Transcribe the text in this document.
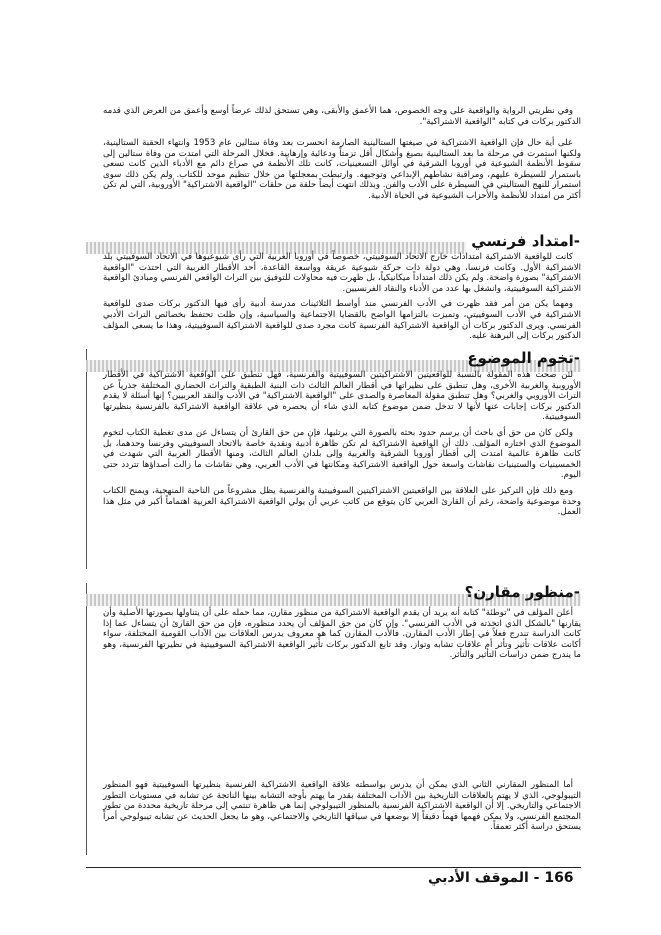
وفي نظريتي الرواية والواقعية على وجه الخصوص، هما الأعمق والأبقى، وهي تستحق لذلك عرضاً أوسع وأعمق من العرض الذي قدمه الدكتور بركات في كتابه "الواقعية الاشتراكية".

على أية حال فإن الواقعية الاشتراكية في صيغتها الستالينية الصارمة انحسرت بعد وفاة ستالين عام 1953 وانتهاء الحقبة الستالينية، ولكنها استمرت في مرحلة ما بعد الستالينية بصيغ وأشكال أقل تزمتاً ودعائية وإرهابية. فخلال المرحلة التي امتدت من وفاة ستالين إلى سقوط الأنظمة الشيوعية في أوروبا الشرقية في أوائل التسعينيات، كانت تلك الأنظمة في صراع دائم مع الأدباء الذين كانت تسعى باستمرار للسيطرة عليهم، ومراقبة نشاطهم الإبداعي وتوجيهه. وارتبطت بمعجلتها من خلال تنظيم موحد للكتاب. ولم يكن ذلك سوى استمرار للنهج الستاليني في السيطرة على الأدب والفن. وبذلك انتهت أيضاً حلقة من حلقات "الواقعية الاشتراكية" الأوروبية، التي لم تكن أكثر من امتداد للأنظمة والأحزاب الشيوعية في الحياة الأدبية.

-امتداد فرنسي

كانت للواقعية الاشتراكية امتدادات خارج الاتحاد السوفييتي، خصوصاً في أوروبا الغربية التي رأى شيوعيوها في الاتحاد السوفييتي بلد الاشتراكية الأول. وكانت فرنسا، وهي دولة ذات حركة شيوعية عريقة وواسعة القاعدة، أحد الأقطار الغربية التي احتذت "الواقعية الاشتراكية" بصورة واضحة. ولم يكن ذلك امتداداً ميكانيكياً، بل ظهرت فيه محاولات للتوفيق بين التراث الواقعي الفرنسي ومبادئ الواقعية الاشتراكية السوفييتية، وانشغل بها عدد من الأدباء والنقاد الفرنسيين.

ومهما يكن من أمر فقد ظهرت في الأدب الفرنسي منذ أواسط الثلاثينات مدرسة أدبية رأى فيها الدكتور بركات صدى للواقعية الاشتراكية في الأدب السوفييتي، وتميزت بالتزامها الواضح بالقضايا الاجتماعية والسياسية، وإن ظلت تحتفظ بخصائص التراث الأدبي الفرنسي. ويرى الدكتور بركات أن الواقعية الاشتراكية الفرنسية كانت مجرد صدى للواقعية الاشتراكية السوفييتية، وهذا ما يسعى المؤلف الدكتور بركات إلى البرهنة عليه.

-تخوم الموضوع

لئن صحت هذه المقولة بالنسبة للواقعيتين الاشتراكيتين السوفييتية والفرنسية، فهل تنطبق على الواقعية الاشتراكية في الأقطار الأوروبية والغربية الأخرى، وهل تنطبق على نظيراتها في أقطار العالم الثالث ذات البنية الطبقية والتراث الحضاري المختلفة جذرياً عن التراث الأوروبي والغربي؟ وهل تنطبق مقولة المعاصرة والصدى على "الواقعية الاشتراكية" في الأدب والنقد العربيين؟ إنها أسئلة لا يقدم الدكتور بركات إجابات عنها لأنها لا تدخل ضمن موضوع كتابه الذي شاء أن يحصره في علاقة الواقعية الاشتراكية بالفرنسية بنظيرتها السوفييتية.

ولكن كان من حق أي باحث أن يرسم حدود بحثه بالصورة التي يرتئيها، فإن من حق القارئ أن يتساءل عن مدى تغطية الكتاب لتخوم الموضوع الذي اختاره المؤلف. ذلك أن الواقعية الاشتراكية لم تكن ظاهرة أدبية ونقدية خاصة بالاتحاد السوفييتي وفرنسا وحدهما، بل كانت ظاهرة عالمية امتدت إلى أقطار أوروبا الشرقية والغربية وإلى بلدان العالم الثالث، ومنها الأقطار العربية التي شهدت في الخمسينيات والستينيات نقاشات واسعة حول الواقعية الاشتراكية ومكانتها في الأدب العربي، وهي نقاشات ما زالت أصداؤها تتردد حتى اليوم.

ومع ذلك فإن التركيز على العلاقة بين الواقعيتين الاشتراكيتين السوفييتية والفرنسية يظل مشروعاً من الناحية المنهجية، ويمنح الكتاب وحدة موضوعية واضحة، رغم أن القارئ العربي كان يتوقع من كاتب عربي أن يولي الواقعية الاشتراكية العربية اهتماماً أكبر في مثل هذا العمل.

-منظور مقارن؟

أعلن المؤلف في "توطئة" كتابه أنه يريد أن يقدم الواقعية الاشتراكية من منظور مقارن، مما حمله على أن يتناولها بصورتها الأصلية وأن يقارنها "بالشكل الذي اتخذته في الأدب الفرنسي". وإن كان من حق المؤلف أن يحدد منظوره، فإن من حق القارئ أن يتساءل عما إذا كانت الدراسة تندرج فعلاً في إطار الأدب المقارن. فالأدب المقارن كما هو معروف يدرس العلاقات بين الآداب القومية المختلفة، سواء أكانت علاقات تأثير وتأثر أم علاقات تشابه وتواز. وقد تابع الدكتور بركات تأثير الواقعية الاشتراكية السوفييتية في نظيرتها الفرنسية، وهو ما يندرج ضمن دراسات التأثير والتأثر.

أما المنظور المقارني الثاني الذي يمكن أن يدرس بواسطته علاقة الواقعية الاشتراكية الفرنسية بنظيرتها السوفييتية فهو المنظور التيبولوجي، الذي لا يهتم بالعلاقات التاريخية بين الآداب المختلفة بقدر ما يهتم بأوجه التشابه بينها الناتجة عن تشابه في مستويات التطور الاجتماعي والتاريخي. إلا أن الواقعية الاشتراكية الفرنسية بالمنظور التيبولوجي إنما هي ظاهرة تنتمي إلى مرحلة تاريخية محددة من تطور المجتمع الفرنسي، ولا يمكن فهمها فهماً دقيقاً إلا بوضعها في سياقها التاريخي والاجتماعي، وهو ما يجعل الحديث عن تشابه تيبولوجي أمراً يستحق دراسة أكثر تعمقاً.

166 - الموقف الأدبي
